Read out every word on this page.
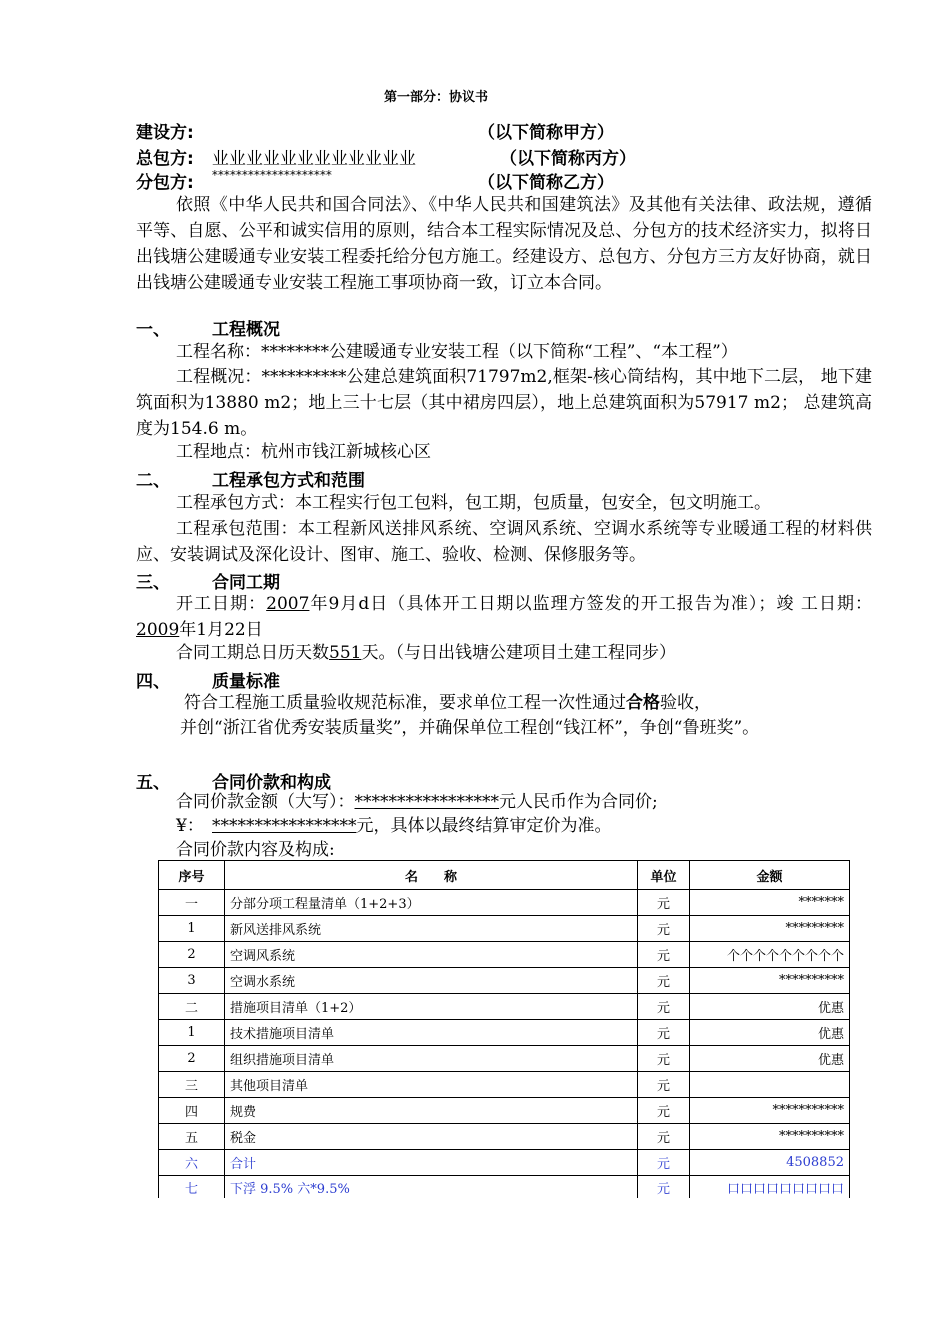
第一部分：协议书
建设方:	（以下简称甲方）
总包方: 业业业业业业业业业业业业	（以下简称丙方）
分包方: ********************	（以下简称乙方）
依照《中华人民共和国合同法》、《中华人民共和国建筑法》及其他有关法律、政法规，遵循平等、自愿、公平和诚实信用的原则，结合本工程实际情况及总、分包方的技术经济实力，拟将日出钱塘公建暖通专业安装工程委托给分包方施工。经建设方、总包方、分包方三方友好协商，就日出钱塘公建暖通专业安装工程施工事项协商一致，订立本合同。
一、 工程概况
工程名称：********公建暖通专业安装工程（以下简称“工程”、“本工程”）
工程概况：**********公建总建筑面积71797m2,框架-核心筒结构，其中地下二层， 地下建筑面积为13880 m2；地上三十七层（其中裙房四层），地上总建筑面积为57917 m2； 总建筑高度为154.6 m。
工程地点：杭州市钱江新城核心区
二、 工程承包方式和范围
工程承包方式：本工程实行包工包料，包工期，包质量，包安全，包文明施工。
工程承包范围：本工程新风送排风系统、空调风系统、空调水系统等专业暖通工程的材料供应、安装调试及深化设计、图审、施工、验收、检测、保修服务等。
三、 合同工期
开工日期：2007年9月d日（具体开工日期以监理方签发的开工报告为准）；竣 工日期：2009年1月22日
合同工期总日历天数551天。（与日出钱塘公建项目土建工程同步）
四、 质量标准
符合工程施工质量验收规范标准，要求单位工程一次性通过合格验收，
并创“浙江省优秀安装质量奖”，并确保单位工程创“钱江杯”，争创“鲁班奖”。
五、 合同价款和构成
合同价款金额（大写）：*****************元人民币作为合同价;
¥： *****************元，具体以最终结算审定价为准。
合同价款内容及构成:
序号	名　　称	单位	金额
一	分部分项工程量清单（1+2+3）	元	*******
1	新风送排风系统	元	*********
2	空调风系统	元	个个个个个个个个个
3	空调水系统	元	**********
二	措施项目清单（1+2）	元	优惠
1	技术措施项目清单	元	优惠
2	组织措施项目清单	元	优惠
三	其他项目清单	元	
四	规费	元	***********
五	税金	元	**********
六	合计	元	4508852
七	下浮 9.5% 六*9.5%	元	口口口口口口口口口
